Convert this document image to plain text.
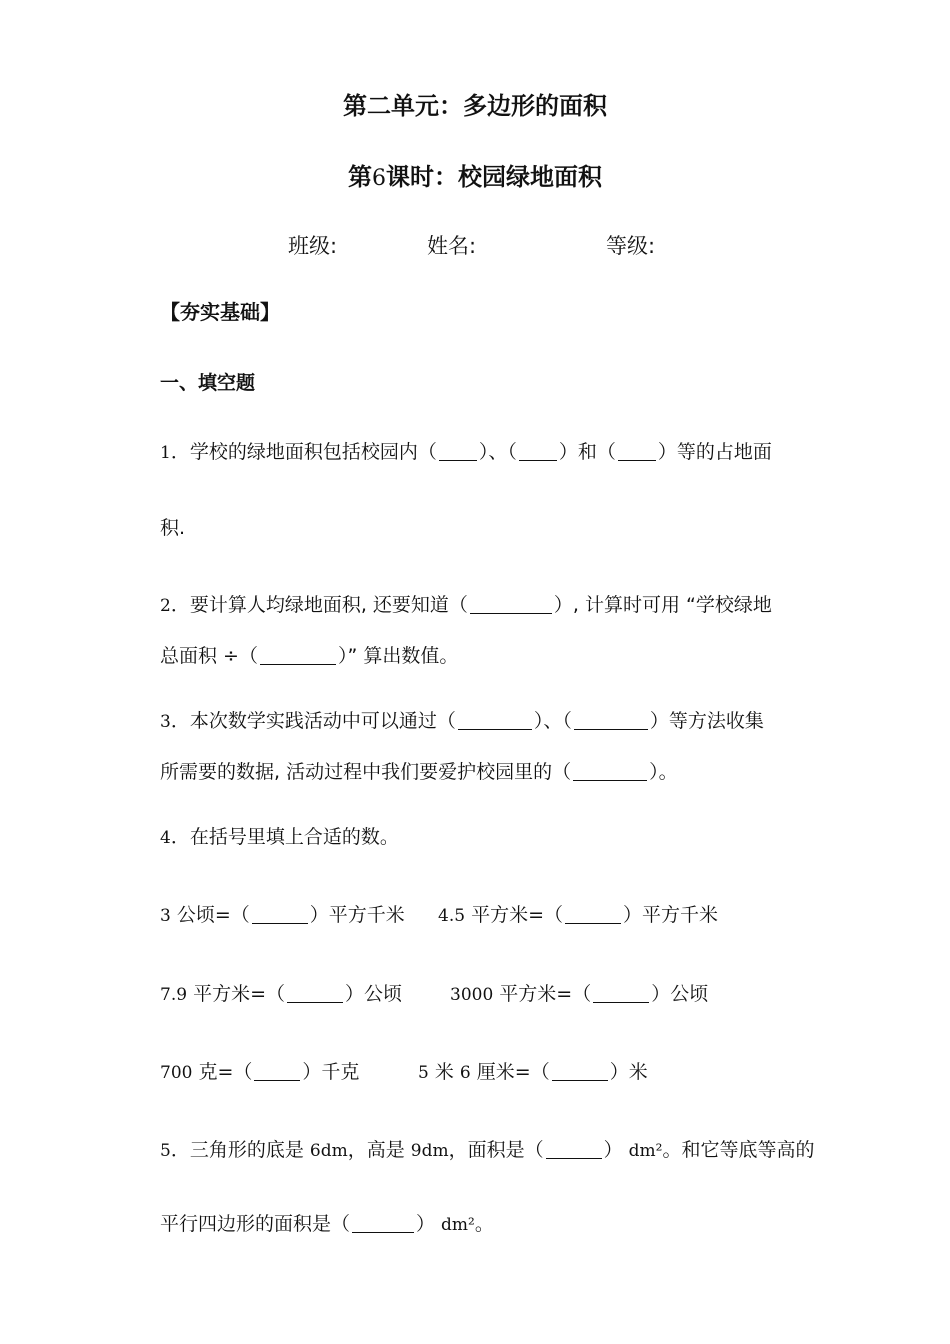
第二单元：多边形的面积
第6课时：校园绿地面积
班级:	姓名:	等级:
【夯实基础】
一、填空题
1．学校的绿地面积包括校园内（ ）、（ ）和（ ）等的占地面
积.
2．要计算人均绿地面积, 还要知道（	）, 计算时可用 “学校绿地
总面积 ÷（	）” 算出数值。
3．本次数学实践活动中可以通过（	）、（	）等方法收集
所需要的数据, 活动过程中我们要爱护校园里的（	）。
4．在括号里填上合适的数。
3 公顷=（	）平方千米 4.5 平方米=（	）平方千米
7.9 平方米=（	）公顷	3000 平方米=（	）公顷
700 克=（	）千克	5 米 6 厘米=（	）米
5．三角形的底是 6dm，高是 9dm，面积是（	） dm²。和它等底等高的
平行四边形的面积是（	） dm²。
